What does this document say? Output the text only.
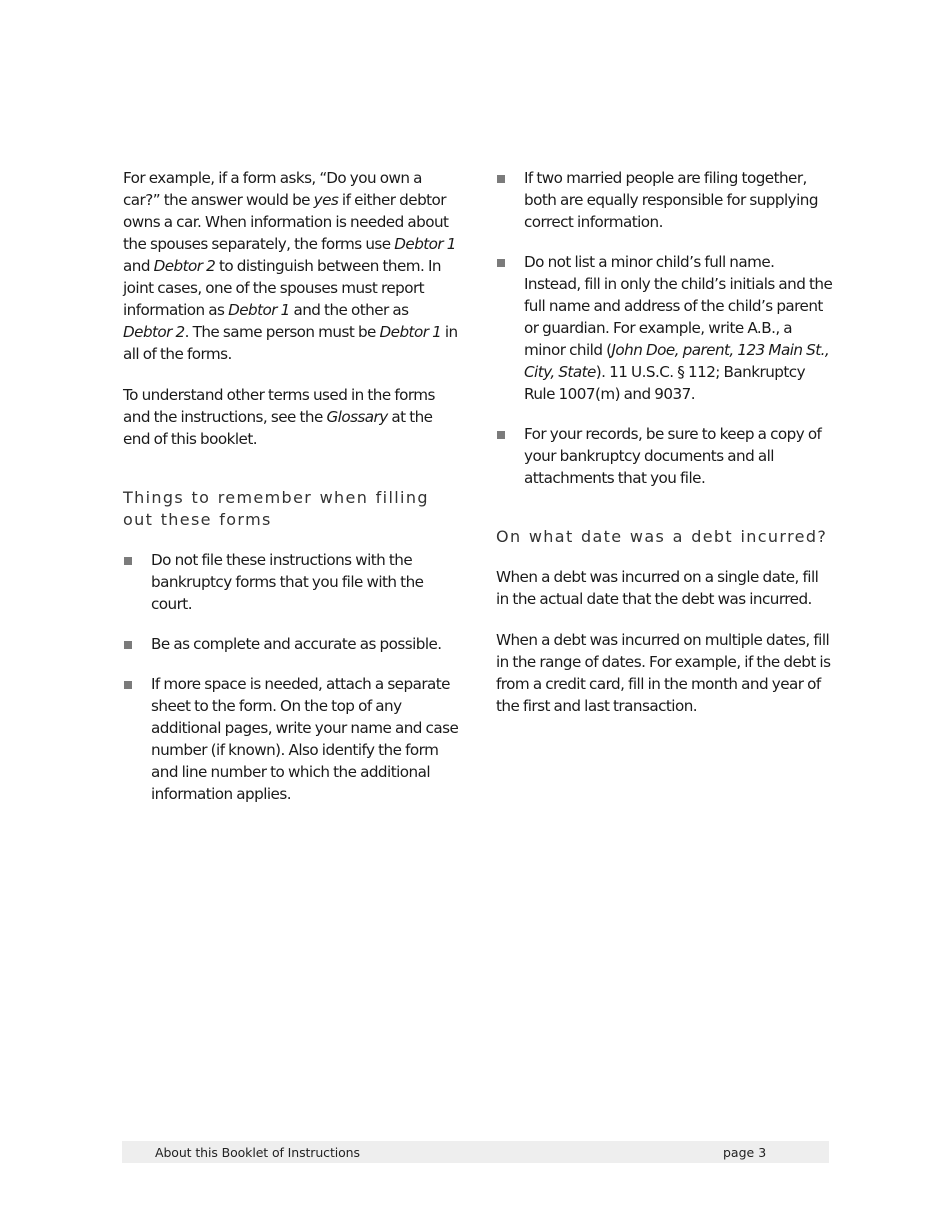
For example, if a form asks, “Do you own a car?” the answer would be yes if either debtor owns a car. When information is needed about the spouses separately, the forms use Debtor 1 and Debtor 2 to distinguish between them. In joint cases, one of the spouses must report information as Debtor 1 and the other as Debtor 2. The same person must be Debtor 1 in all of the forms.

To understand other terms used in the forms and the instructions, see the Glossary at the end of this booklet.

Things to remember when filling out these forms
Do not file these instructions with the bankruptcy forms that you file with the court.
Be as complete and accurate as possible.
If more space is needed, attach a separate sheet to the form. On the top of any additional pages, write your name and case number (if known). Also identify the form and line number to which the additional information applies.
If two married people are filing together, both are equally responsible for supplying correct information.
Do not list a minor child’s full name. Instead, fill in only the child’s initials and the full name and address of the child’s parent or guardian. For example, write A.B., a minor child (John Doe, parent, 123 Main St., City, State). 11 U.S.C. § 112; Bankruptcy Rule 1007(m) and 9037.
For your records, be sure to keep a copy of your bankruptcy documents and all attachments that you file.
On what date was a debt incurred?

When a debt was incurred on a single date, fill in the actual date that the debt was incurred.

When a debt was incurred on multiple dates, fill in the range of dates. For example, if the debt is from a credit card, fill in the month and year of the first and last transaction.

About this Booklet of Instructions	page 3
